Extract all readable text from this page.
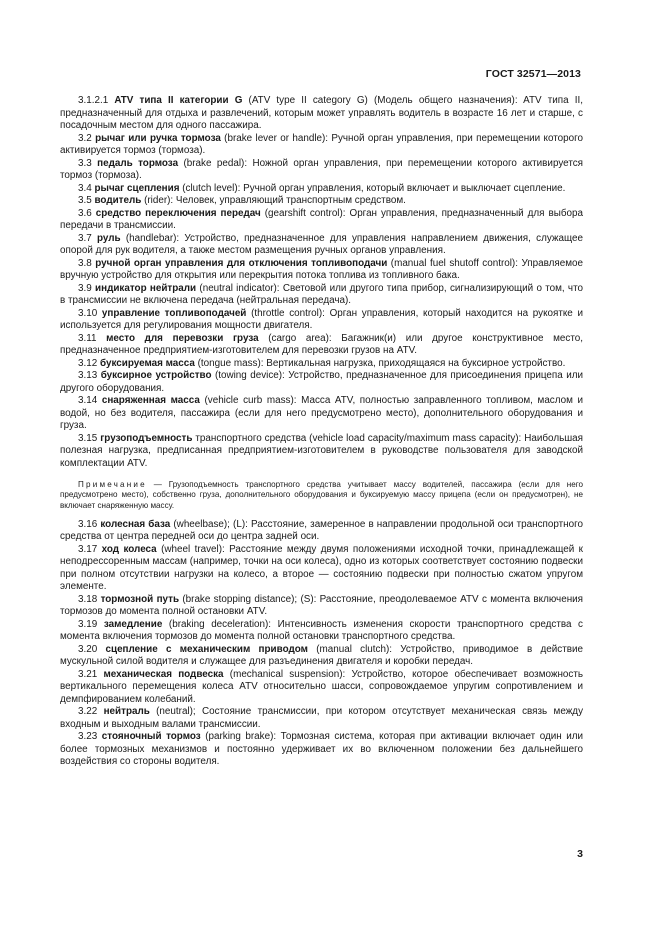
ГОСТ 32571—2013

3.1.2.1 ATV типа II категории G (ATV type II category G) (Модель общего назначения): ATV типа II, предназначенный для отдыха и развлечений, которым может управлять водитель в возрасте 16 лет и старше, с посадочным местом для одного пассажира.

3.2 рычаг или ручка тормоза (brake lever or handle): Ручной орган управления, при перемещении которого активируется тормоз (тормоза).

3.3 педаль тормоза (brake pedal): Ножной орган управления, при перемещении которого активируется тормоз (тормоза).

3.4 рычаг сцепления (clutch level): Ручной орган управления, который включает и выключает сцепление.

3.5 водитель (rider): Человек, управляющий транспортным средством.

3.6 средство переключения передач (gearshift control): Орган управления, предназначенный для выбора передачи в трансмиссии.

3.7 руль (handlebar): Устройство, предназначенное для управления направлением движения, служащее опорой для рук водителя, а также местом размещения ручных органов управления.

3.8 ручной орган управления для отключения топливоподачи (manual fuel shutoff control): Управляемое вручную устройство для открытия или перекрытия потока топлива из топливного бака.

3.9 индикатор нейтрали (neutral indicator): Световой или другого типа прибор, сигнализирующий о том, что в трансмиссии не включена передача (нейтральная передача).

3.10 управление топливоподачей (throttle control): Орган управления, который находится на рукоятке и используется для регулирования мощности двигателя.

3.11 место для перевозки груза (cargo area): Багажник(и) или другое конструктивное место, предназначенное предприятием-изготовителем для перевозки грузов на ATV.

3.12 буксируемая масса (tongue mass): Вертикальная нагрузка, приходящаяся на буксирное устройство.

3.13 буксирное устройство (towing device): Устройство, предназначенное для присоединения прицепа или другого оборудования.

3.14 снаряженная масса (vehicle curb mass): Масса ATV, полностью заправленного топливом, маслом и водой, но без водителя, пассажира (если для него предусмотрено место), дополнительного оборудования и груза.

3.15 грузоподъемность транспортного средства (vehicle load capacity/maximum mass capacity): Наибольшая полезная нагрузка, предписанная предприятием-изготовителем в руководстве пользователя для заводской комплектации ATV.

Примечание — Грузоподъемность транспортного средства учитывает массу водителей, пассажира (если для него предусмотрено место), собственно груза, дополнительного оборудования и буксируемую массу прицепа (если он предусмотрен), не включает снаряженную массу.

3.16 колесная база (wheelbase); (L): Расстояние, замеренное в направлении продольной оси транспортного средства от центра передней оси до центра задней оси.

3.17 ход колеса (wheel travel): Расстояние между двумя положениями исходной точки, принадлежащей к неподрессоренным массам (например, точки на оси колеса), одно из которых соответствует состоянию подвески при полном отсутствии нагрузки на колесо, а второе — состоянию подвески при полностью сжатом упругом элементе.

3.18 тормозной путь (brake stopping distance); (S): Расстояние, преодолеваемое ATV с момента включения тормозов до момента полной остановки ATV.

3.19 замедление (braking deceleration): Интенсивность изменения скорости транспортного средства с момента включения тормозов до момента полной остановки транспортного средства.

3.20 сцепление с механическим приводом (manual clutch): Устройство, приводимое в действие мускульной силой водителя и служащее для разъединения двигателя и коробки передач.

3.21 механическая подвеска (mechanical suspension): Устройство, которое обеспечивает возможность вертикального перемещения колеса ATV относительно шасси, сопровождаемое упругим сопротивлением и демпфированием колебаний.

3.22 нейтраль (neutral); Состояние трансмиссии, при котором отсутствует механическая связь между входным и выходным валами трансмиссии.

3.23 стояночный тормоз (parking brake): Тормозная система, которая при активации включает один или более тормозных механизмов и постоянно удерживает их во включенном положении без дальнейшего воздействия со стороны водителя.

3
